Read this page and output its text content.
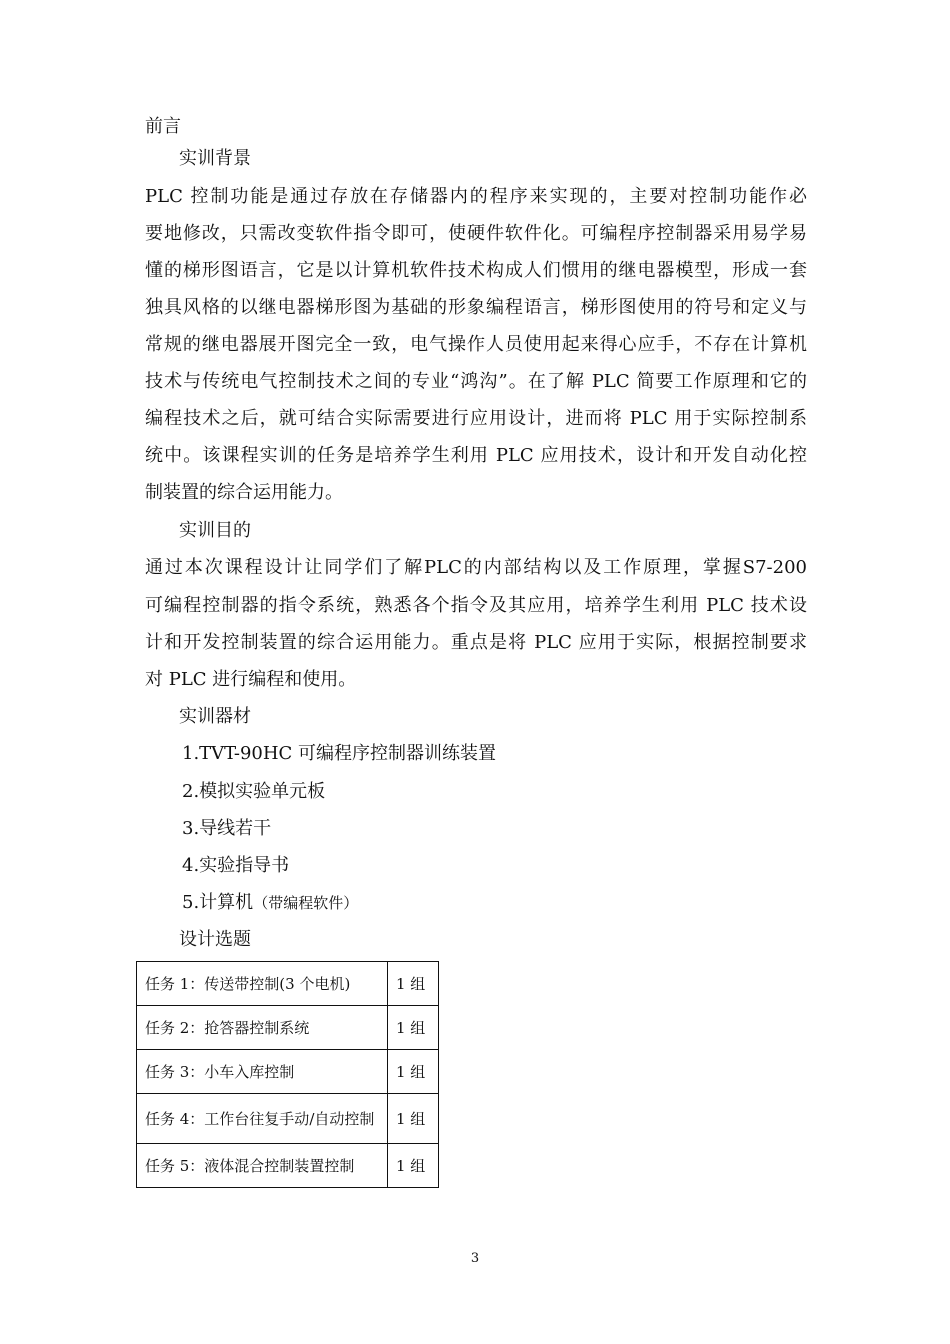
前言
实训背景
PLC 控制功能是通过存放在存储器内的程序来实现的，主要对控制功能作必
要地修改，只需改变软件指令即可，使硬件软件化。可编程序控制器采用易学易
懂的梯形图语言，它是以计算机软件技术构成人们惯用的继电器模型，形成一套
独具风格的以继电器梯形图为基础的形象编程语言，梯形图使用的符号和定义与
常规的继电器展开图完全一致，电气操作人员使用起来得心应手，不存在计算机
技术与传统电气控制技术之间的专业“鸿沟”。在了解 PLC 简要工作原理和它的
编程技术之后，就可结合实际需要进行应用设计，进而将 PLC 用于实际控制系
统中。该课程实训的任务是培养学生利用 PLC 应用技术，设计和开发自动化控
制装置的综合运用能力。
实训目的
通过本次课程设计让同学们了解PLC的内部结构以及工作原理，掌握S7-200
可编程控制器的指令系统，熟悉各个指令及其应用，培养学生利用 PLC 技术设
计和开发控制装置的综合运用能力。重点是将 PLC 应用于实际，根据控制要求
对 PLC 进行编程和使用。
实训器材
1.TVT-90HC 可编程序控制器训练装置
2.模拟实验单元板
3.导线若干
4.实验指导书
5.计算机（带编程软件）
设计选题
任务 1：传送带控制(3 个电机)	1 组
任务 2：抢答器控制系统	1 组
任务 3：小车入库控制	1 组
任务 4：工作台往复手动/自动控制	1 组
任务 5：液体混合控制装置控制	1 组
3
